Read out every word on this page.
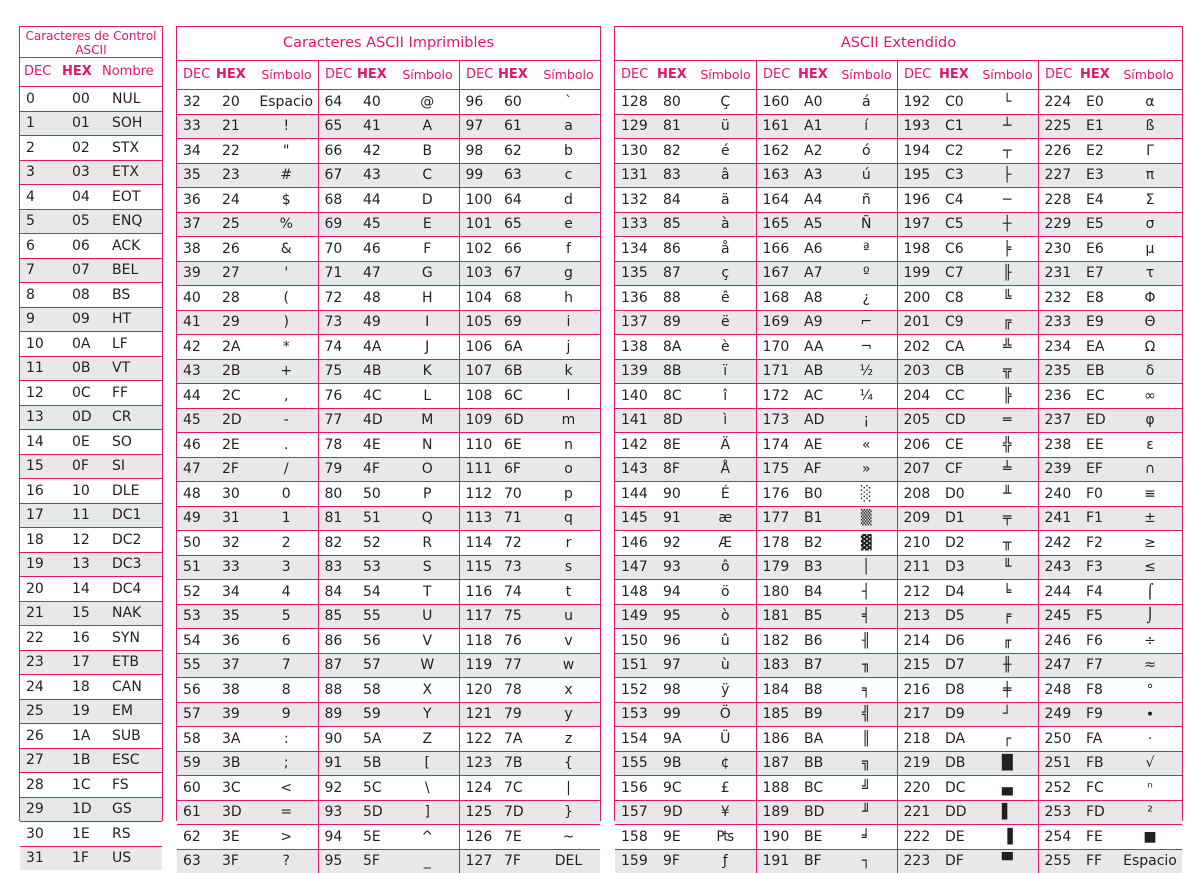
Caracteres de Control ASCII
DEC HEX Nombre
0	00	NUL
1	01	SOH
2	02	STX
3	03	ETX
4	04	EOT
5	05	ENQ
6	06	ACK
7	07	BEL
8	08	BS
9	09	HT
10	0A	LF
11	0B	VT
12	0C	FF
13	0D	CR
14	0E	SO
15	0F	SI
16	10	DLE
17	11	DC1
18	12	DC2
19	13	DC3
20	14	DC4
21	15	NAK
22	16	SYN
23	17	ETB
24	18	CAN
25	19	EM
26	1A	SUB
27	1B	ESC
28	1C	FS
29	1D	GS
30	1E	RS
31	1F	US
Caracteres ASCII Imprimibles
DEC HEX	Símbolo	DEC HEX	Símbolo	DEC HEX	Símbolo
32	20	Espacio	64	40	@	96	60	`
33	21	!	65	41	A	97	61	a
34	22	"	66	42	B	98	62	b
35	23	#	67	43	C	99	63	c
36	24	$	68	44	D	100	64	d
37	25	%	69	45	E	101	65	e
38	26	&	70	46	F	102	66	f
39	27	'	71	47	G	103	67	g
40	28	(	72	48	H	104	68	h
41	29	)	73	49	I	105	69	i
42	2A	*	74	4A	J	106	6A	j
43	2B	+	75	4B	K	107	6B	k
44	2C	,	76	4C	L	108	6C	l
45	2D	-	77	4D	M	109	6D	m
46	2E	.	78	4E	N	110	6E	n
47	2F	/	79	4F	O	111	6F	o
48	30	0	80	50	P	112	70	p
49	31	1	81	51	Q	113	71	q
50	32	2	82	52	R	114	72	r
51	33	3	83	53	S	115	73	s
52	34	4	84	54	T	116	74	t
53	35	5	85	55	U	117	75	u
54	36	6	86	56	V	118	76	v
55	37	7	87	57	W	119	77	w
56	38	8	88	58	X	120	78	x
57	39	9	89	59	Y	121	79	y
58	3A	:	90	5A	Z	122	7A	z
59	3B	;	91	5B	[	123	7B	{
60	3C	<	92	5C	\	124	7C	|
61	3D	=	93	5D	]	125	7D	}
62	3E	>	94	5E	^	126	7E	~
63	3F	?	95	5F	_	127	7F	DEL
ASCII Extendido
DEC HEX	Símbolo DEC HEX	Símbolo DEC HEX	Símbolo DEC HEX	Símbolo
128	80	Ç	160	A0	á	192	C0	└	224	E0	α
129	81	ü	161	A1	í	193	C1	┴	225	E1	ß
130	82	é	162	A2	ó	194	C2	┬	226	E2	Γ
131	83	â	163	A3	ú	195	C3	├	227	E3	π
132	84	ä	164	A4	ñ	196	C4	─	228	E4	Σ
133	85	à	165	A5	Ñ	197	C5	┼	229	E5	σ
134	86	å	166	A6	ª	198	C6	╞	230	E6	µ
135	87	ç	167	A7	º	199	C7	╟	231	E7	τ
136	88	ê	168	A8	¿	200	C8	╚	232	E8	Φ
137	89	ë	169	A9	⌐	201	C9	╔	233	E9	Θ
138	8A	è	170	AA	¬	202	CA	╩	234	EA	Ω
139	8B	ï	171	AB	½	203	CB	╦	235	EB	δ
140	8C	î	172	AC	¼	204	CC	╠	236	EC	∞
141	8D	ì	173	AD	¡	205	CD	═	237	ED	φ
142	8E	Ä	174	AE	«	206	CE	╬	238	EE	ε
143	8F	Å	175	AF	»	207	CF	╧	239	EF	∩
144	90	É	176	B0	░	208	D0	╨	240	F0	≡
145	91	æ	177	B1	▒	209	D1	╤	241	F1	±
146	92	Æ	178	B2	▓	210	D2	╥	242	F2	≥
147	93	ô	179	B3	│	211	D3	╙	243	F3	≤
148	94	ö	180	B4	┤	212	D4	╘	244	F4	⌠
149	95	ò	181	B5	╡	213	D5	╒	245	F5	⌡
150	96	û	182	B6	╢	214	D6	╓	246	F6	÷
151	97	ù	183	B7	╖	215	D7	╫	247	F7	≈
152	98	ÿ	184	B8	╕	216	D8	╪	248	F8	°
153	99	Ö	185	B9	╣	217	D9	┘	249	F9	∙
154	9A	Ü	186	BA	║	218	DA	┌	250	FA	·
155	9B	¢	187	BB	╗	219	DB	█	251	FB	√
156	9C	£	188	BC	╝	220	DC	▄	252	FC	ⁿ
157	9D	¥	189	BD	╜	221	DD	▌	253	FD	²
158	9E	₧	190	BE	╛	222	DE	▐	254	FE	■
159	9F	ƒ	191	BF	┐	223	DF	▀	255	FF	Espacio
